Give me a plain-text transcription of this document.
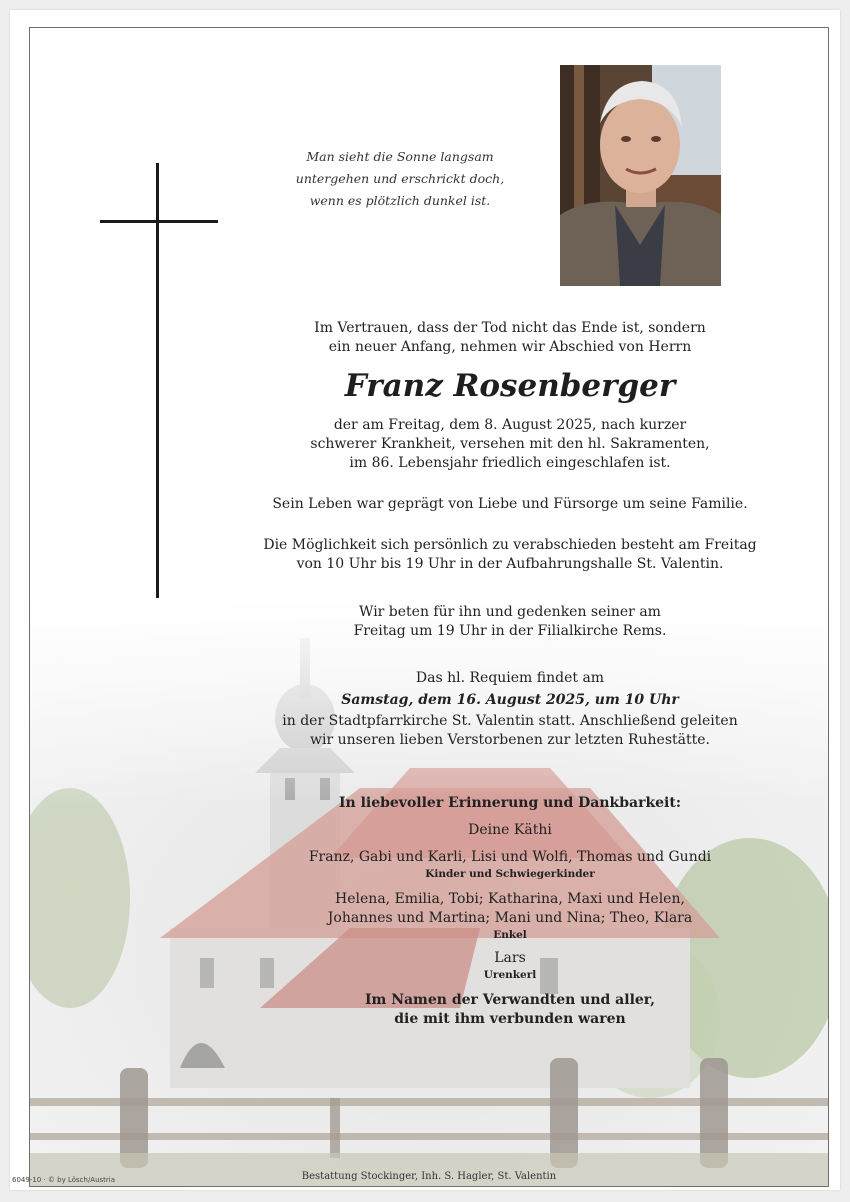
Man sieht die Sonne langsam
untergehen und erschrickt doch,
wenn es plötzlich dunkel ist.
Im Vertrauen, dass der Tod nicht das Ende ist, sondern
ein neuer Anfang, nehmen wir Abschied von Herrn
Franz Rosenberger
der am Freitag, dem 8. August 2025, nach kurzer
schwerer Krankheit, versehen mit den hl. Sakramenten,
im 86. Lebensjahr friedlich eingeschlafen ist.
Sein Leben war geprägt von Liebe und Fürsorge um seine Familie.
Die Möglichkeit sich persönlich zu verabschieden besteht am Freitag
von 10 Uhr bis 19 Uhr in der Aufbahrungshalle St. Valentin.
Wir beten für ihn und gedenken seiner am
Freitag um 19 Uhr in der Filialkirche Rems.
Das hl. Requiem findet am
Samstag, dem 16. August 2025, um 10 Uhr
in der Stadtpfarrkirche St. Valentin statt. Anschließend geleiten
wir unseren lieben Verstorbenen zur letzten Ruhestätte.
In liebevoller Erinnerung und Dankbarkeit:
Deine Käthi
Franz, Gabi und Karli, Lisi und Wolfi, Thomas und Gundi
Kinder und Schwiegerkinder
Helena, Emilia, Tobi; Katharina, Maxi und Helen,
Johannes und Martina; Mani und Nina; Theo, Klara
Enkel
Lars
Urenkerl
Im Namen der Verwandten und aller,
die mit ihm verbunden waren
Bestattung Stockinger, Inh. S. Hagler, St. Valentin
6049-10 · © by Lösch/Austria
